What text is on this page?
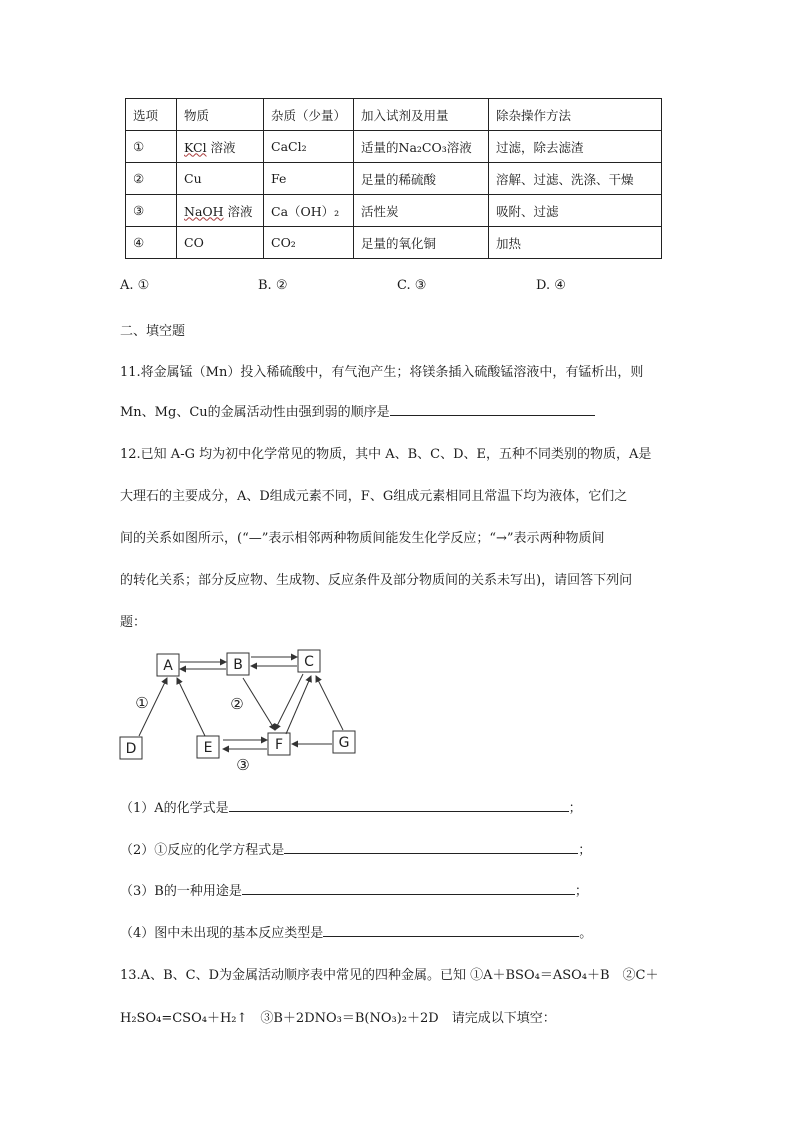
选项	物质	杂质（少量）	加入试剂及用量	除杂操作方法
①	KCl 溶液	CaCl₂	适量的Na₂CO₃溶液	过滤，除去滤渣
②	Cu	Fe	足量的稀硫酸	溶解、过滤、洗涤、干燥
③	NaOH 溶液	Ca（OH）₂	活性炭	吸附、过滤
④	CO	CO₂	足量的氧化铜	加热
A. ①	B. ②	C. ③	D. ④
二、填空题
11.将金属锰（Mn）投入稀硫酸中，有气泡产生；将镁条插入硫酸锰溶液中，有锰析出，则
Mn、Mg、Cu的金属活动性由强到弱的顺序是
12.已知 A-G 均为初中化学常见的物质，其中 A、B、C、D、E，五种不同类别的物质，A是
大理石的主要成分，A、D组成元素不同，F、G组成元素相同且常温下均为液体，它们之
间的关系如图所示，(“—”表示相邻两种物质间能发生化学反应；“→”表示两种物质间
的转化关系；部分反应物、生成物、反应条件及部分物质间的关系未写出)，请回答下列问
题：
A	B	C
D	E	F	G
①	②
③
（1）A的化学式是	；
（2）①反应的化学方程式是	；
（3）B的一种用途是	；
（4）图中未出现的基本反应类型是	。
13.A、B、C、D为金属活动顺序表中常见的四种金属。已知 ①A＋BSO₄＝ASO₄＋B　②C＋
H₂SO₄=CSO₄＋H₂↑　③B＋2DNO₃＝B(NO₃)₂＋2D　请完成以下填空：
